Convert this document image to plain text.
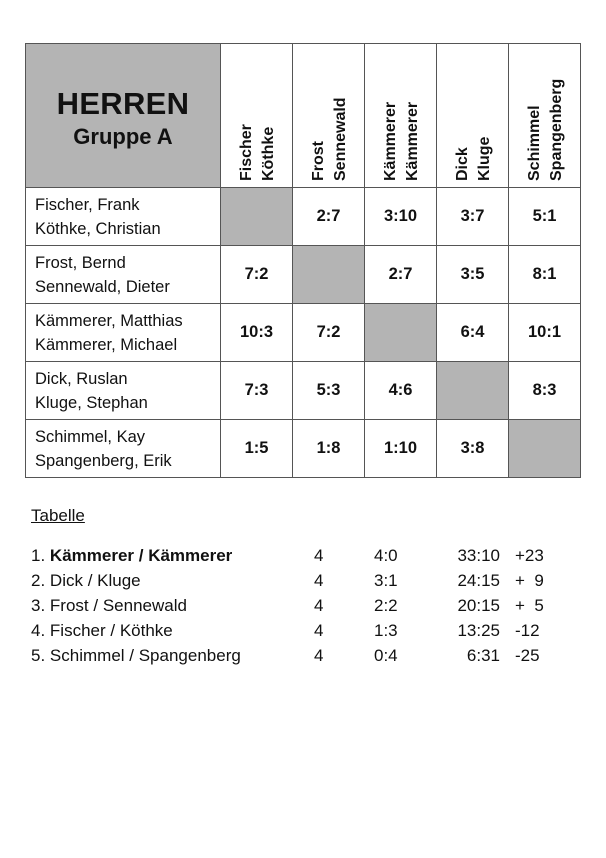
HERREN
Gruppe A	Fischer Köthke	Frost Sennewald	Kämmerer Kämmerer	Dick Kluge	Schimmel Spangenberg

Fischer, Frank
Köthke, Christian		2:7	3:10	3:7	5:1

Frost, Bernd
Sennewald, Dieter	7:2		2:7	3:5	8:1

Kämmerer, Matthias
Kämmerer, Michael	10:3	7:2		6:4	10:1

Dick, Ruslan
Kluge, Stephan	7:3	5:3	4:6		8:3

Schimmel, Kay
Spangenberg, Erik	1:5	1:8	1:10	3:8	
Tabelle
1. Kämmerer / Kämmerer	4	4:0	33:10	+23
2. Dick / Kluge	4	3:1	24:15	+  9
3. Frost / Sennewald	4	2:2	20:15	+  5
4. Fischer / Köthke	4	1:3	13:25	-12
5. Schimmel / Spangenberg	4	0:4	6:31	-25
